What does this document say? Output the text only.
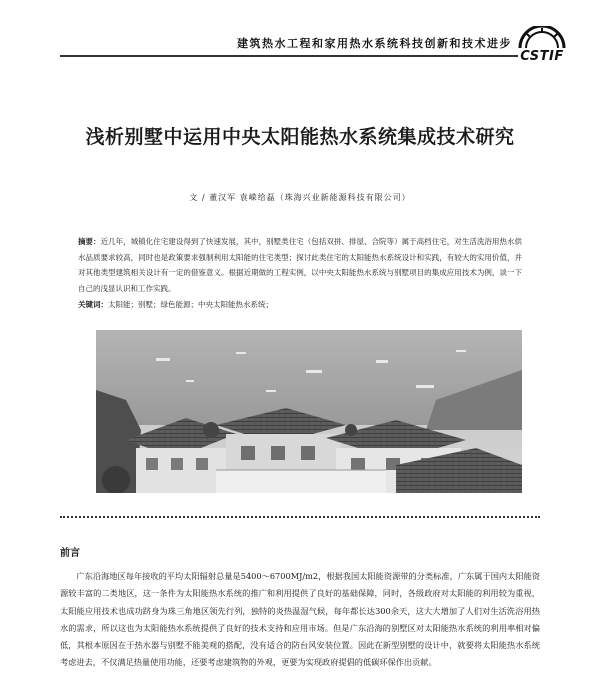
建筑热水工程和家用热水系统科技创新和技术进步
CSTIF
浅析别墅中运用中央太阳能热水系统集成技术研究
文 / 董汉军 袁嵘给磊（珠海兴业新能源科技有限公司）
摘要：近几年，城镇化住宅建设得到了快速发展，其中，别墅类住宅（包括双拼、排屋、合院等）属于高档住宅，对生活洗浴用热水供水品质要求较高，同时也是政策要求强制利用太阳能的住宅类型；探讨此类住宅的太阳能热水系统设计和实践，有较大的实用价值，并对其他类型建筑相关设计有一定的借鉴意义。根据近期做的工程实例，以中央太阳能热水系统与别墅项目的集成应用技术为例，谈一下自己的浅显认识和工作实践。
关键词：太阳能；别墅；绿色能源；中央太阳能热水系统；
前言
广东沿海地区每年接收的平均太阳辐射总量是5400～6700MJ/m2，根据我国太阳能资源带的分类标准，广东属于国内太阳能资源较丰富的二类地区，这一条件为太阳能热水系统的推广和利用提供了良好的基础保障，同时，各级政府对太阳能的利用较为重视，太阳能应用技术也成功跻身为珠三角地区领先行列，独特的炎热温湿气候，每年都长达300余天，这大大增加了人们对生活洗浴用热水的需求，所以这也为太阳能热水系统提供了良好的技术支持和应用市场。但是广东沿海的别墅区对太阳能热水系统的利用率相对偏低，其根本原因在于热水器与别墅不能美观的搭配，没有适合的防台风安装位置。因此在新型别墅的设计中，就要将太阳能热水系统考虑进去，不仅满足热量使用功能，还要考虑建筑物的外观，更要为实现政府提倡的低碳环保作出贡献。
